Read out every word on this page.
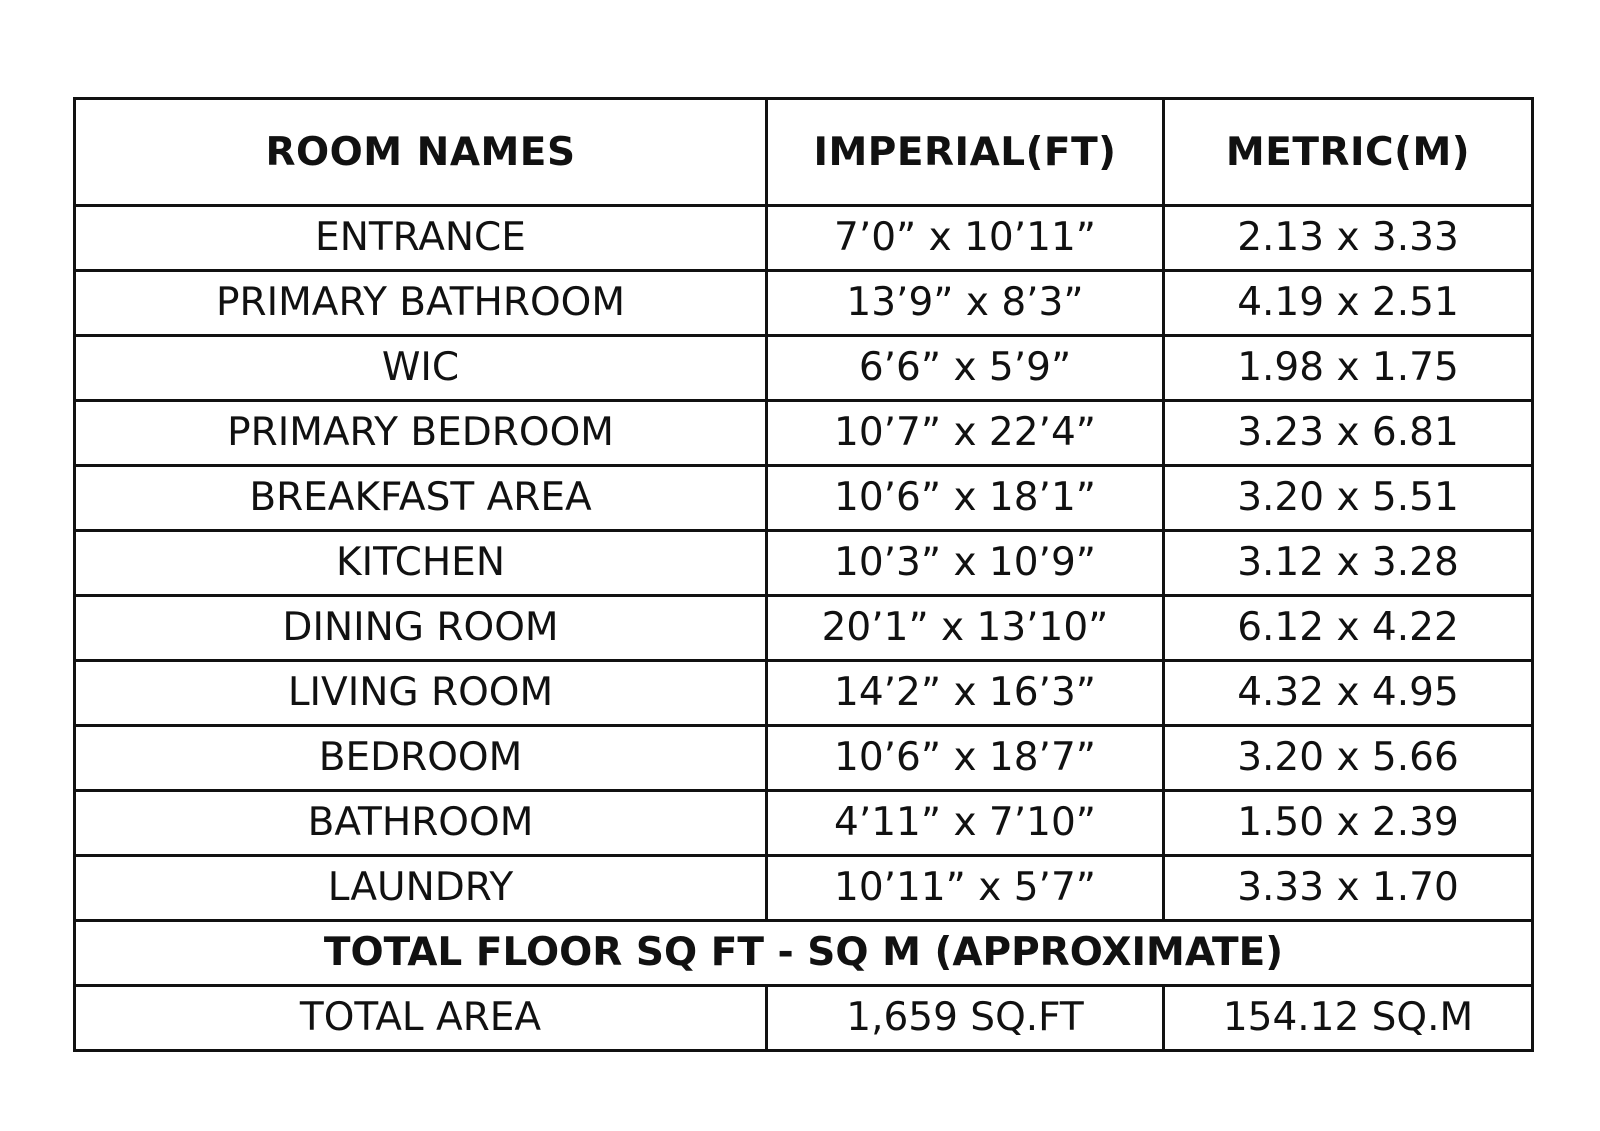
ROOM NAMES	IMPERIAL(FT)	METRIC(M)
ENTRANCE	7’0” x 10’11”	2.13 x 3.33
PRIMARY BATHROOM	13’9” x 8’3”	4.19 x 2.51
WIC	6’6” x 5’9”	1.98 x 1.75
PRIMARY BEDROOM	10’7” x 22’4”	3.23 x 6.81
BREAKFAST AREA	10’6” x 18’1”	3.20 x 5.51
KITCHEN	10’3” x 10’9”	3.12 x 3.28
DINING ROOM	20’1” x 13’10”	6.12 x 4.22
LIVING ROOM	14’2” x 16’3”	4.32 x 4.95
BEDROOM	10’6” x 18’7”	3.20 x 5.66
BATHROOM	4’11” x 7’10”	1.50 x 2.39
LAUNDRY	10’11” x 5’7”	3.33 x 1.70
TOTAL FLOOR SQ FT - SQ M (APPROXIMATE)		
TOTAL AREA	1,659 SQ.FT	154.12 SQ.M
